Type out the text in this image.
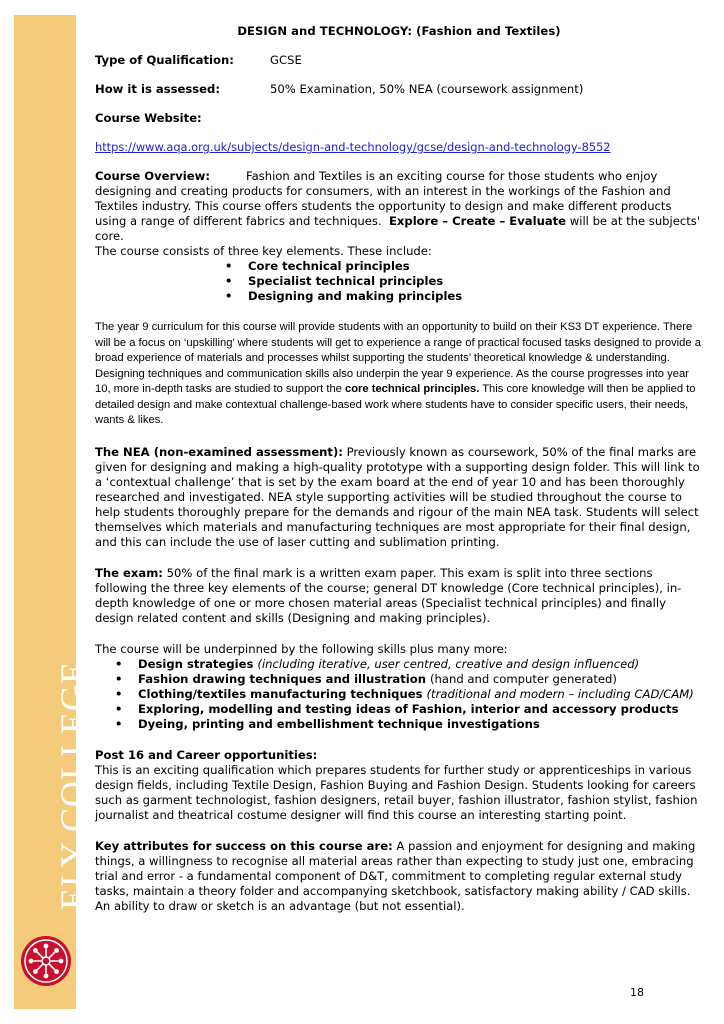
ELY COLLEGE
DESIGN and TECHNOLOGY: (Fashion and Textiles)
Type of Qualification:	GCSE
How it is assessed:	50% Examination, 50% NEA (coursework assignment)
Course Website:
https://www.aqa.org.uk/subjects/design-and-technology/gcse/design-and-technology-8552

Course Overview:	Fashion and Textiles is an exciting course for those students who enjoy designing and creating products for consumers, with an interest in the workings of the Fashion and Textiles industry. This course offers students the opportunity to design and make different products using a range of different fabrics and techniques. Explore – Create – Evaluate will be at the subjects' core.

The course consists of three key elements. These include:

• Core technical principles
• Specialist technical principles
• Designing and making principles

The year 9 curriculum for this course will provide students with an opportunity to build on their KS3 DT experience. There will be a focus on ‘upskilling’ where students will get to experience a range of practical focused tasks designed to provide a broad experience of materials and processes whilst supporting the students’ theoretical knowledge & understanding. Designing techniques and communication skills also underpin the year 9 experience. As the course progresses into year 10, more in-depth tasks are studied to support the core technical principles. This core knowledge will then be applied to detailed design and make contextual challenge-based work where students have to consider specific users, their needs, wants & likes.

The NEA (non-examined assessment): Previously known as coursework, 50% of the final marks are given for designing and making a high-quality prototype with a supporting design folder. This will link to a ‘contextual challenge’ that is set by the exam board at the end of year 10 and has been thoroughly researched and investigated. NEA style supporting activities will be studied throughout the course to help students thoroughly prepare for the demands and rigour of the main NEA task. Students will select themselves which materials and manufacturing techniques are most appropriate for their final design, and this can include the use of laser cutting and sublimation printing.

The exam: 50% of the final mark is a written exam paper. This exam is split into three sections following the three key elements of the course; general DT knowledge (Core technical principles), in-depth knowledge of one or more chosen material areas (Specialist technical principles) and finally design related content and skills (Designing and making principles).

The course will be underpinned by the following skills plus many more:

• Design strategies (including iterative, user centred, creative and design influenced)
• Fashion drawing techniques and illustration (hand and computer generated)
• Clothing/textiles manufacturing techniques (traditional and modern – including CAD/CAM)
• Exploring, modelling and testing ideas of Fashion, interior and accessory products
• Dyeing, printing and embellishment technique investigations
Post 16 and Career opportunities:

This is an exciting qualification which prepares students for further study or apprenticeships in various design fields, including Textile Design, Fashion Buying and Fashion Design. Students looking for careers such as garment technologist, fashion designers, retail buyer, fashion illustrator, fashion stylist, fashion journalist and theatrical costume designer will find this course an interesting starting point.

Key attributes for success on this course are: A passion and enjoyment for designing and making things, a willingness to recognise all material areas rather than expecting to study just one, embracing trial and error - a fundamental component of D&T, commitment to completing regular external study tasks, maintain a theory folder and accompanying sketchbook, satisfactory making ability / CAD skills. An ability to draw or sketch is an advantage (but not essential).

18
